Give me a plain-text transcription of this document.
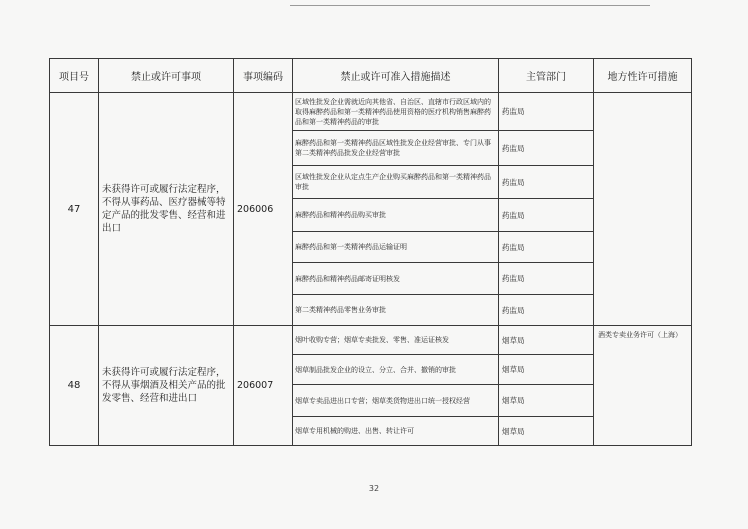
项目号	禁止或许可事项	事项编码	禁止或许可准入措施描述	主管部门	地方性许可措施
47	未获得许可或履行法定程序，不得从事药品、医疗器械等特定产品的批发零售、经营和进出口	206006	区域性批发企业需就近向其他省、自治区、直辖市行政区域内的取得麻醉药品和第一类精神药品使用资格的医疗机构销售麻醉药品和第一类精神药品的审批	药监局	
			麻醉药品和第一类精神药品区域性批发企业经营审批、专门从事第二类精神药品批发企业经营审批	药监局	
			区域性批发企业从定点生产企业购买麻醉药品和第一类精神药品审批	药监局	
			麻醉药品和精神药品购买审批	药监局	
			麻醉药品和第一类精神药品运输证明	药监局	
			麻醉药品和精神药品邮寄证明核发	药监局	
			第二类精神药品零售业务审批	药监局	
48	未获得许可或履行法定程序，不得从事烟酒及相关产品的批发零售、经营和进出口	206007	烟叶收购专营；烟草专卖批发、零售、准运证核发	烟草局	酒类专卖业务许可（上海）
			烟草制品批发企业的设立、分立、合并、撤销的审批	烟草局	
			烟草专卖品进出口专营；烟草类货物进出口统一授权经营	烟草局	
			烟草专用机械的购进、出售、转让许可	烟草局	
32
